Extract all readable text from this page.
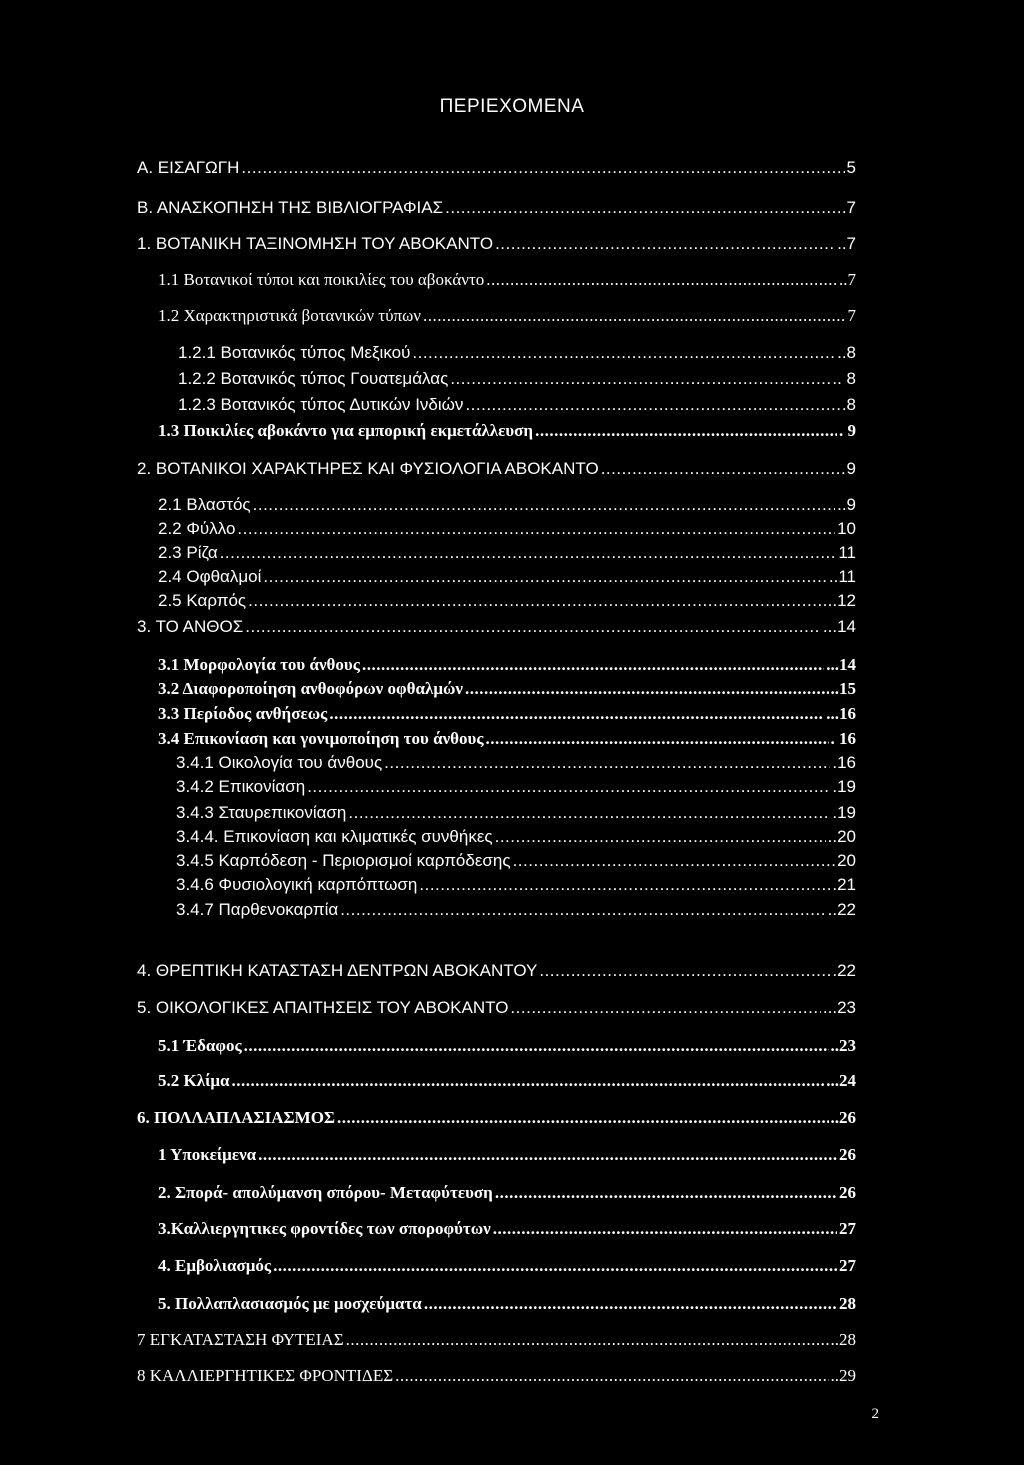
ΠΕΡΙΕΧΟΜΕΝΑ
Α. ΕΙΣΑΓΩΓΗ .....	5
Β. ΑΝΑΣΚΟΠΗΣΗ ΤΗΣ ΒΙΒΛΙΟΓΡΑΦΙΑΣ .....	.7
1. ΒΟΤΑΝΙΚΗ ΤΑΞΙΝΟΜΗΣΗ ΤΟΥ ΑΒΟΚΑΝΤΟ .....	..7
1.1 Βοτανικοί τύποι και ποικιλίες του αβοκάντο .....	..7
1.2 Χαρακτηριστικά βοτανικών τύπων .....	7
1.2.1 Βοτανικός τύπος Μεξικού .....	..8
1.2.2 Βοτανικός τύπος Γουατεμάλας .....	.. 8
1.2.3 Βοτανικός τύπος Δυτικών Ινδιών .....	.8
1.3 Ποικιλίες αβοκάντο για εμπορική εκμετάλλευση .....	. 9
2. ΒΟΤΑΝΙΚΟΙ ΧΑΡΑΚΤΗΡΕΣ ΚΑΙ ΦΥΣΙΟΛΟΓΙΑ ΑΒΟΚΑΝΤΟ .....	9
2.1 Βλαστός .....	..9
2.2 Φύλλο .....	10
2.3 Ρίζα .....	11
2.4 Οφθαλμοί .....	..11
2.5 Καρπός .....	..12
3. ΤΟ ΑΝΘΟΣ .....	...14
3.1 Μορφολογία του άνθους .....	...14
3.2 Διαφοροποίηση ανθοφόρων οφθαλμών .....	..15
3.3 Περίοδος ανθήσεως .....	...16
3.4 Επικονίαση και γονιμοποίηση του άνθους .....	. 16
3.4.1 Οικολογία του άνθους .....	.16
3.4.2 Επικονίαση .....	.19
3.4.3 Σταυρεπικονίαση .....	.19
3.4.4. Επικονίαση και κλιματικές συνθήκες .....	..20
3.4.5 Καρπόδεση - Περιορισμοί καρπόδεσης .....	20
3.4.6 Φυσιολογική καρπόπτωση .....	.21
3.4.7 Παρθενοκαρπία .....	..22
4. ΘΡΕΠΤΙΚΗ ΚΑΤΑΣΤΑΣΗ ΔΕΝΤΡΩΝ ΑΒΟΚΑΝΤΟΥ .....	.22
5. ΟΙΚΟΛΟΓΙΚΕΣ ΑΠΑΙΤΗΣΕΙΣ ΤΟΥ ΑΒΟΚΑΝΤΟ .....	...23
5.1 Έδαφος .....	..23
5.2 Κλίμα .....	...24
6. ΠΟΛΛΑΠΛΑΣΙΑΣΜΟΣ .....	..26
1 Υποκείμενα .....	26
2. Σπορά- απολύμανση σπόρου- Μεταφύτευση .....	26
3.Καλλιεργητικες φροντίδες των σποροφύτων .....	27
4. Εμβολιασμός .....	27
5. Πολλαπλασιασμός με μοσχεύματα .....	28
7 ΕΓΚΑΤΑΣΤΑΣΗ ΦΥΤΕΙΑΣ .....	..28
8 ΚΑΛΛΙΕΡΓΗΤΙΚΕΣ ΦΡΟΝΤΙΔΕΣ .....	..29
2
